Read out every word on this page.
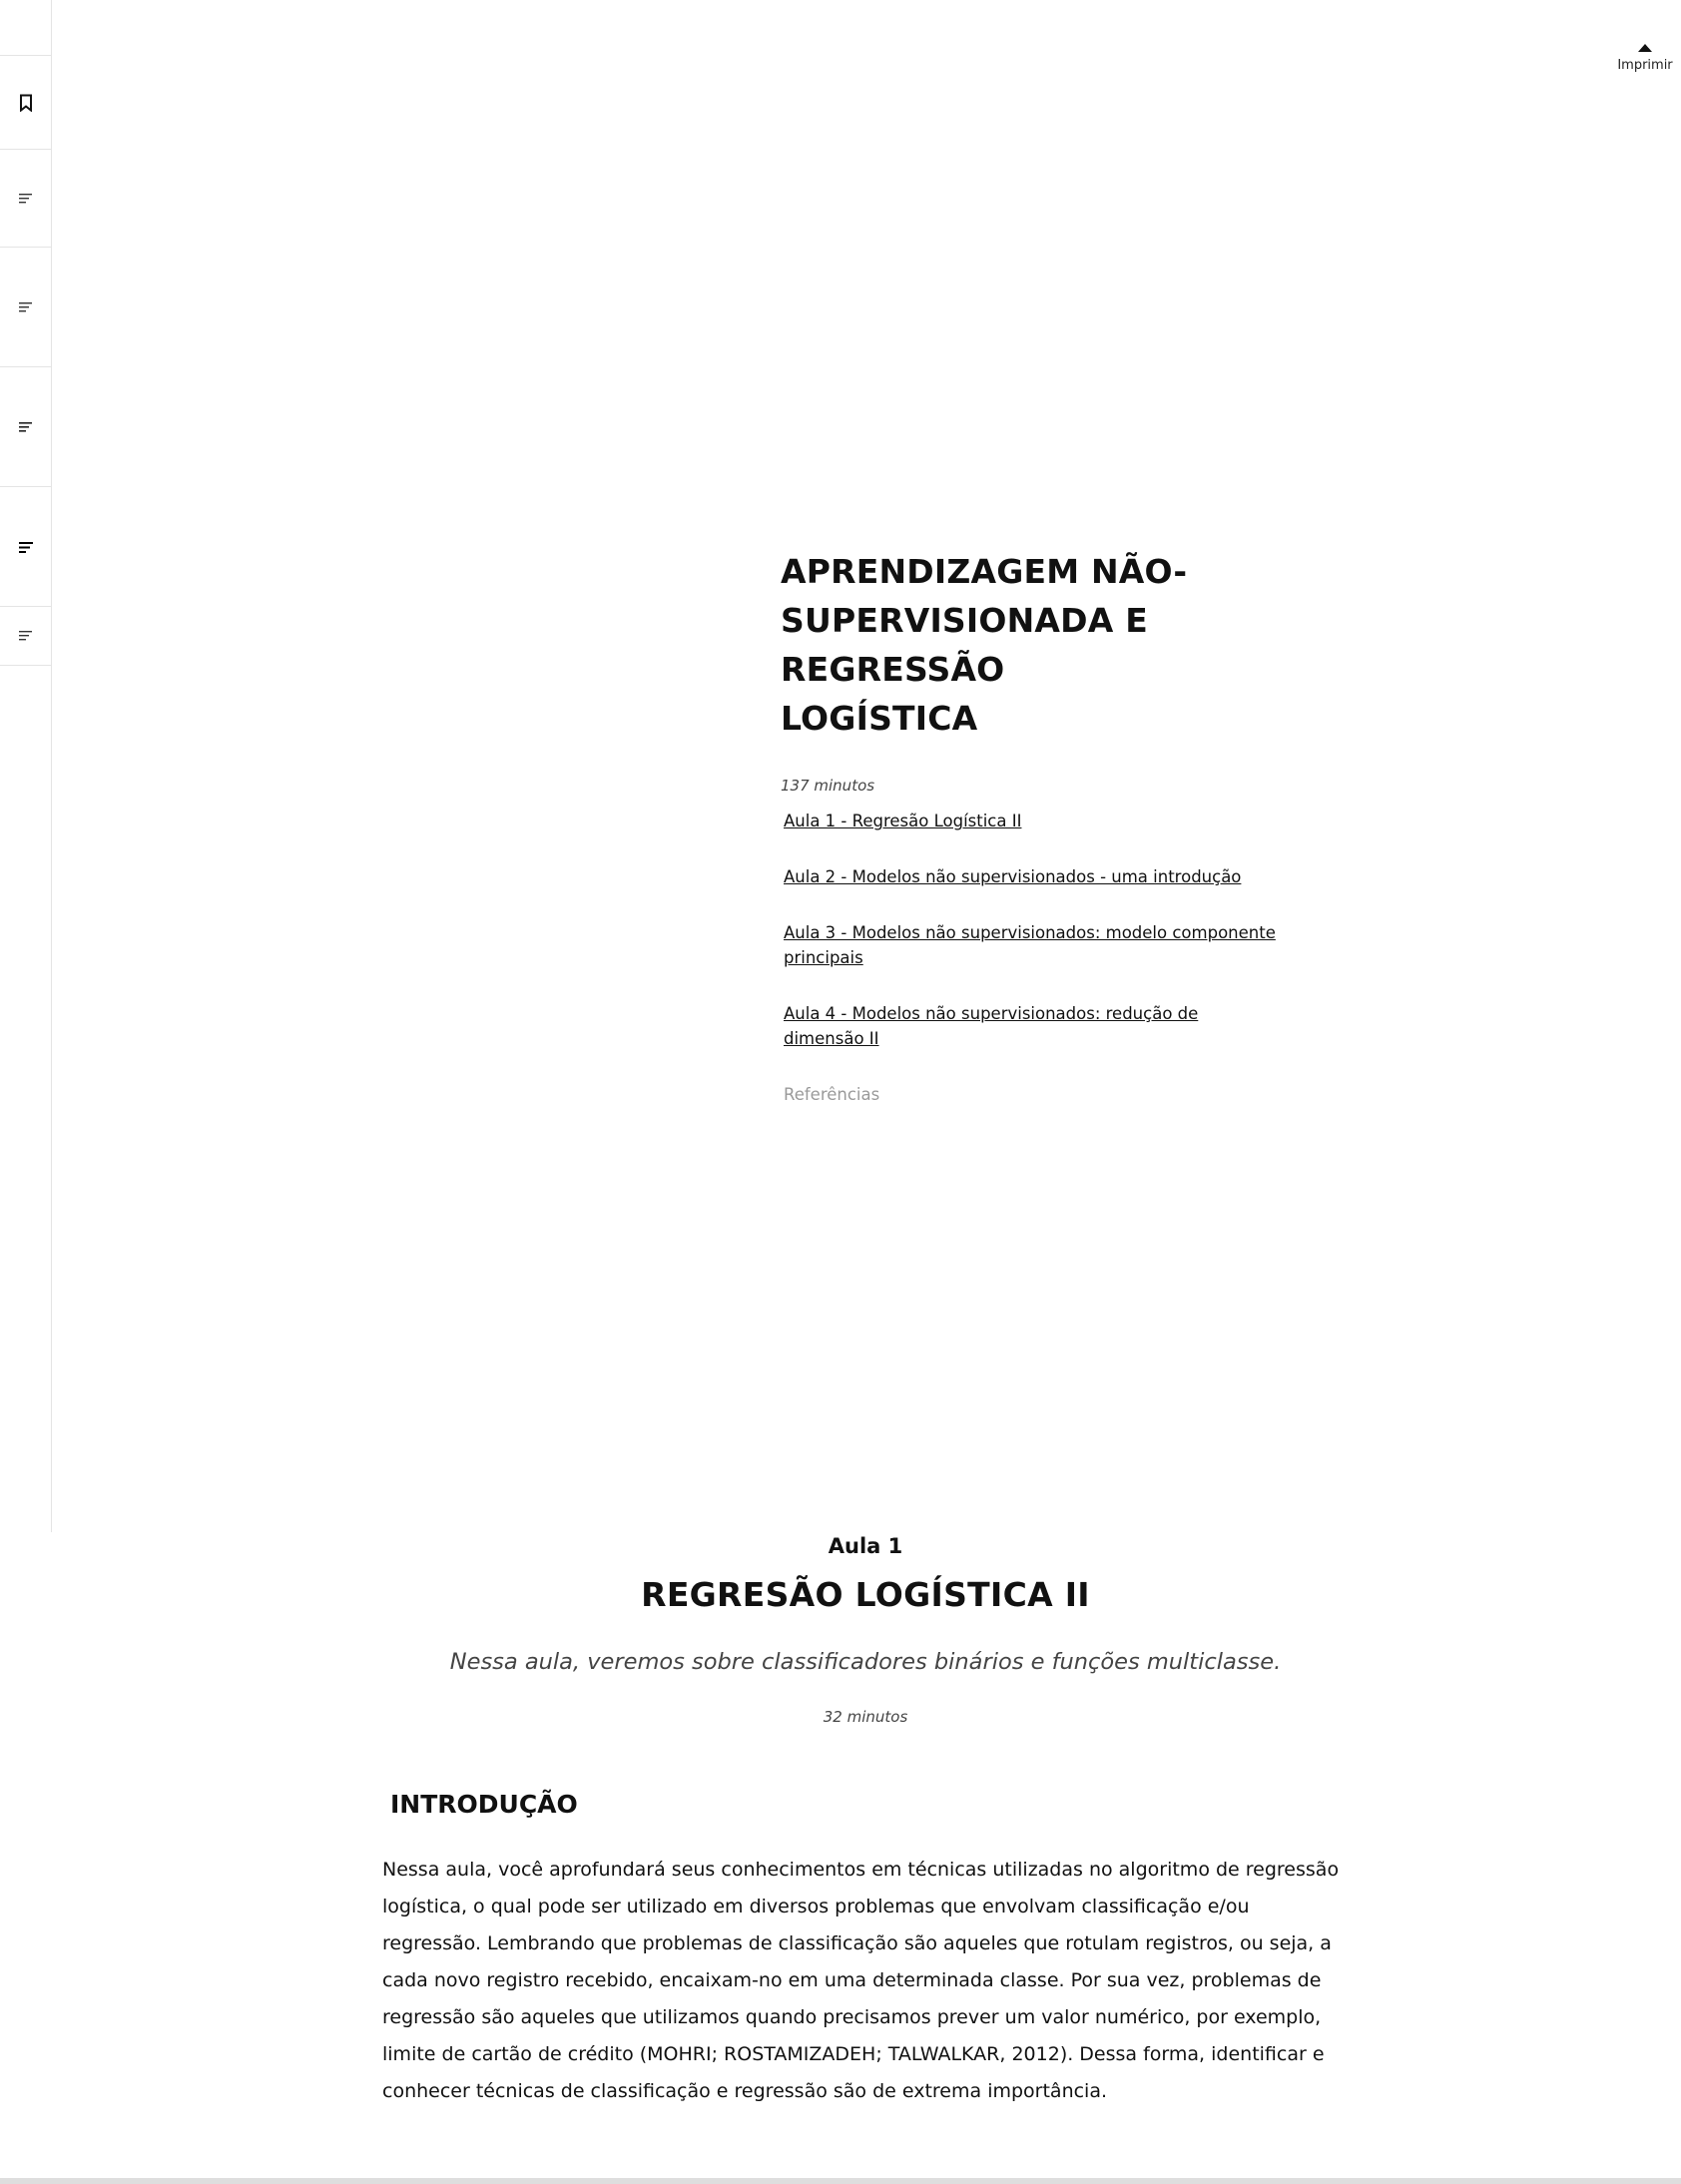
Imprimir
APRENDIZAGEM NÃO-
SUPERVISIONADA E REGRESSÃO
LOGÍSTICA
137 minutos
Aula 1 - Regresão Logística II
Aula 2 - Modelos não supervisionados - uma introdução
Aula 3 - Modelos não supervisionados: modelo componente principais
Aula 4 - Modelos não supervisionados: redução de dimensão II
Referências
Aula 1
REGRESÃO LOGÍSTICA II
Nessa aula, veremos sobre classificadores binários e funções multiclasse.
32 minutos
INTRODUÇÃO

Nessa aula, você aprofundará seus conhecimentos em técnicas utilizadas no algoritmo de regressão logística, o qual pode ser utilizado em diversos problemas que envolvam classificação e/ou regressão. Lembrando que problemas de classificação são aqueles que rotulam registros, ou seja, a cada novo registro recebido, encaixam-no em uma determinada classe. Por sua vez, problemas de regressão são aqueles que utilizamos quando precisamos prever um valor numérico, por exemplo, limite de cartão de crédito (MOHRI; ROSTAMIZADEH; TALWALKAR, 2012). Dessa forma, identificar e conhecer técnicas de classificação e regressão são de extrema importância.
